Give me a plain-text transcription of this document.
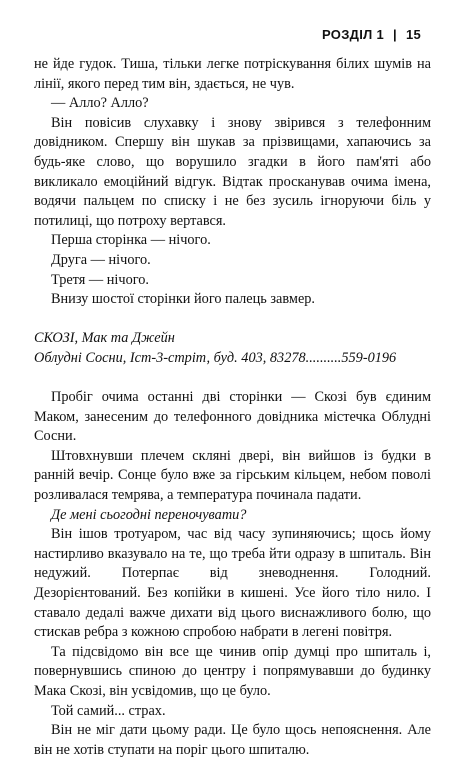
РОЗДІЛ 1 | 15

не йде гудок. Тиша, тільки легке потріскування білих шумів на лінії, якого перед тим він, здається, не чув.

— Алло? Алло?

Він повісив слухавку і знову звірився з телефонним довідником. Спершу він шукав за прізвищами, хапаючись за будь-яке слово, що ворушило згадки в його пам'яті або викликало емоційний відгук. Відтак просканував очима імена, водячи пальцем по списку і не без зусиль ігноруючи біль у потилиці, що потроху вертався.

Перша сторінка — нічого.

Друга — нічого.

Третя — нічого.

Внизу шостої сторінки його палець завмер.

СКОЗІ, Мак та Джейн

Облудні Сосни, Іст-3-стріт, буд. 403, 83278..........559-0196

Пробіг очима останні дві сторінки — Скозі був єдиним Маком, занесеним до телефонного довідника містечка Облудні Сосни.

Штовхнувши плечем скляні двері, він вийшов із будки в ранній вечір. Сонце було вже за гірським кільцем, небом поволі розливалася темрява, а температура починала падати.

Де мені сьогодні переночувати?

Він ішов тротуаром, час від часу зупиняючись; щось йому настирливо вказувало на те, що треба йти одразу в шпиталь. Він недужий. Потерпає від зневоднення. Голодний. Дезорієнтований. Без копійки в кишені. Усе його тіло нило. І ставало дедалі важче дихати від цього виснажливого болю, що стискав ребра з кожною спробою набрати в легені повітря.

Та підсвідомо він все ще чинив опір думці про шпиталь і, повернувшись спиною до центру і попрямувавши до будинку Мака Скозі, він усвідомив, що це було.

Той самий... страх.

Він не міг дати цьому ради. Це було щось непояснення. Але він не хотів ступати на поріг цього шпиталю.
